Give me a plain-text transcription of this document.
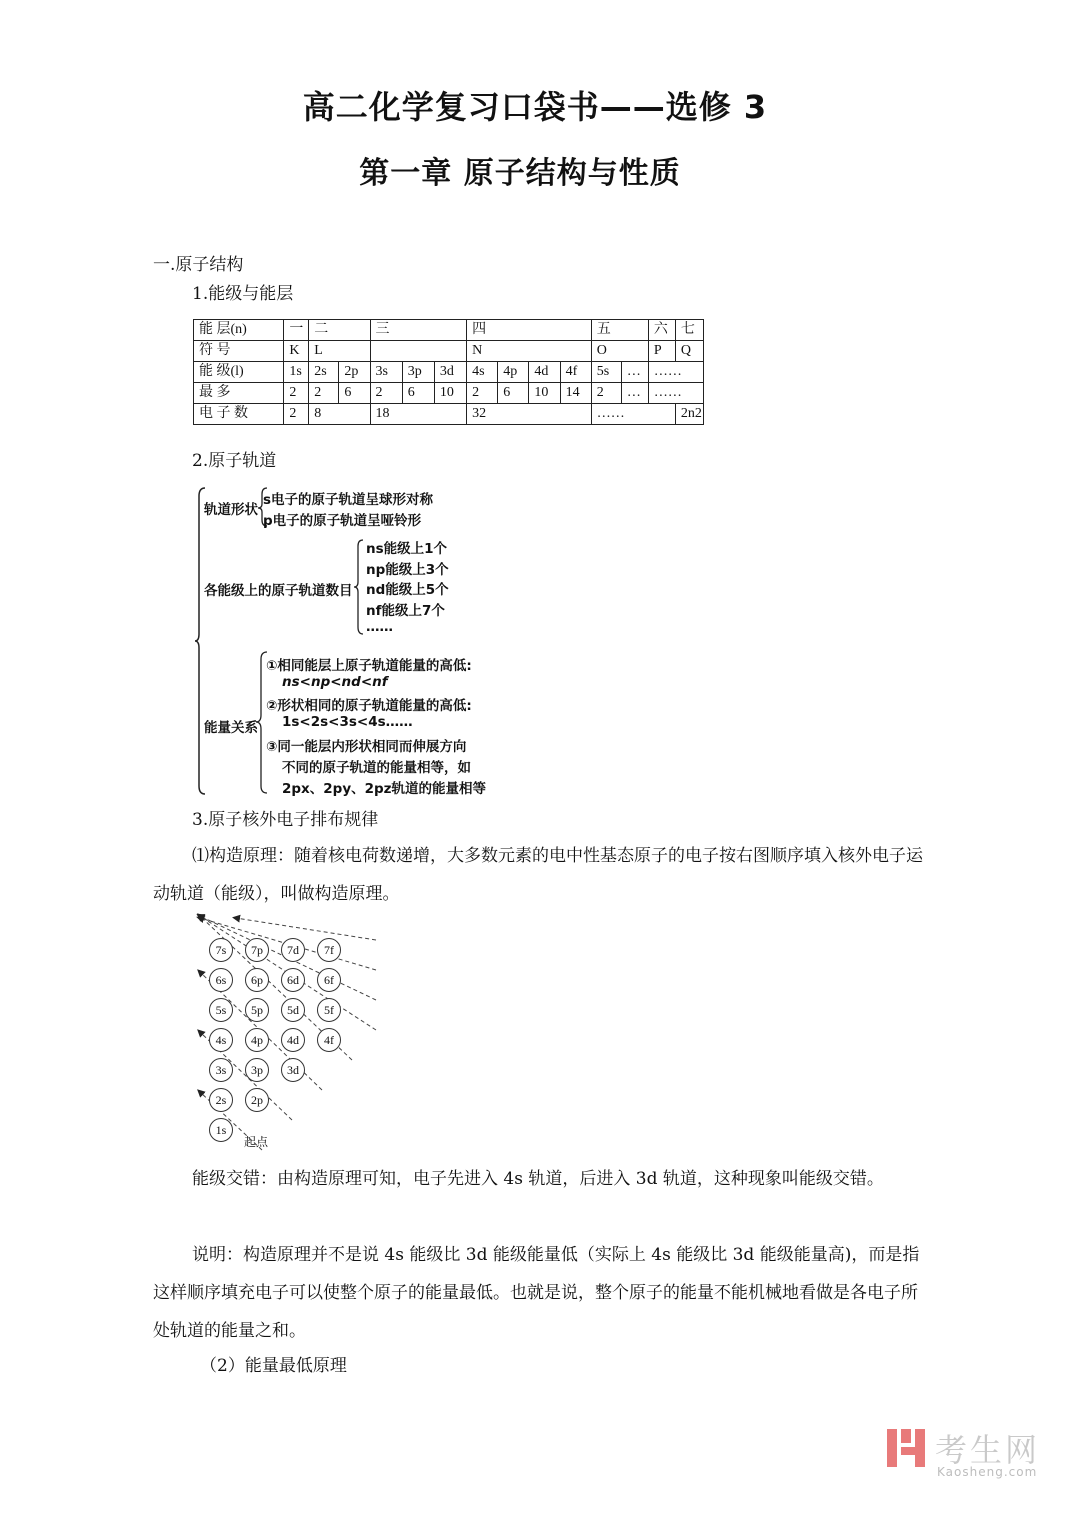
高二化学复习口袋书——选修 3
第一章 原子结构与性质
一.原子结构
1.能级与能层
能 层(n)	一	二		三			四				五		六	七
符 号	K	L					N				O		P	Q
能 级(l)	1s	2s	2p	3s	3p	3d	4s	4p	4d	4f	5s	…	……	
最 多	2	2	6	2	6	10	2	6	10	14	2	…	……	
电 子 数	2	8		18			32				……			2n2
2.原子轨道
轨道形状
s电子的原子轨道呈球形对称
p电子的原子轨道呈哑铃形
各能级上的原子轨道数目
ns能级上1个
np能级上3个
nd能级上5个
nf能级上7个
……
能量关系
①相同能层上原子轨道能量的高低:
ns<np<nd<nf
②形状相同的原子轨道能量的高低:
1s<2s<3s<4s……
③同一能层内形状相同而伸展方向
不同的原子轨道的能量相等，如
2px、2py、2pz轨道的能量相等
3.原子核外电子排布规律
⑴构造原理：随着核电荷数递增，大多数元素的电中性基态原子的电子按右图顺序填入核外电子运动轨道（能级），叫做构造原理。
7s	7p	7d	7f
6s	6p	6d	6f
5s	5p	5d	5f
4s	4p	4d	4f
3s	3p	3d
2s	2p
1s
起点
能级交错：由构造原理可知，电子先进入 4s 轨道，后进入 3d 轨道，这种现象叫能级交错。
说明：构造原理并不是说 4s 能级比 3d 能级能量低（实际上 4s 能级比 3d 能级能量高)，而是指这样顺序填充电子可以使整个原子的能量最低。也就是说，整个原子的能量不能机械地看做是各电子所处轨道的能量之和。
（2）能量最低原理
考生网
Kaosheng.com
